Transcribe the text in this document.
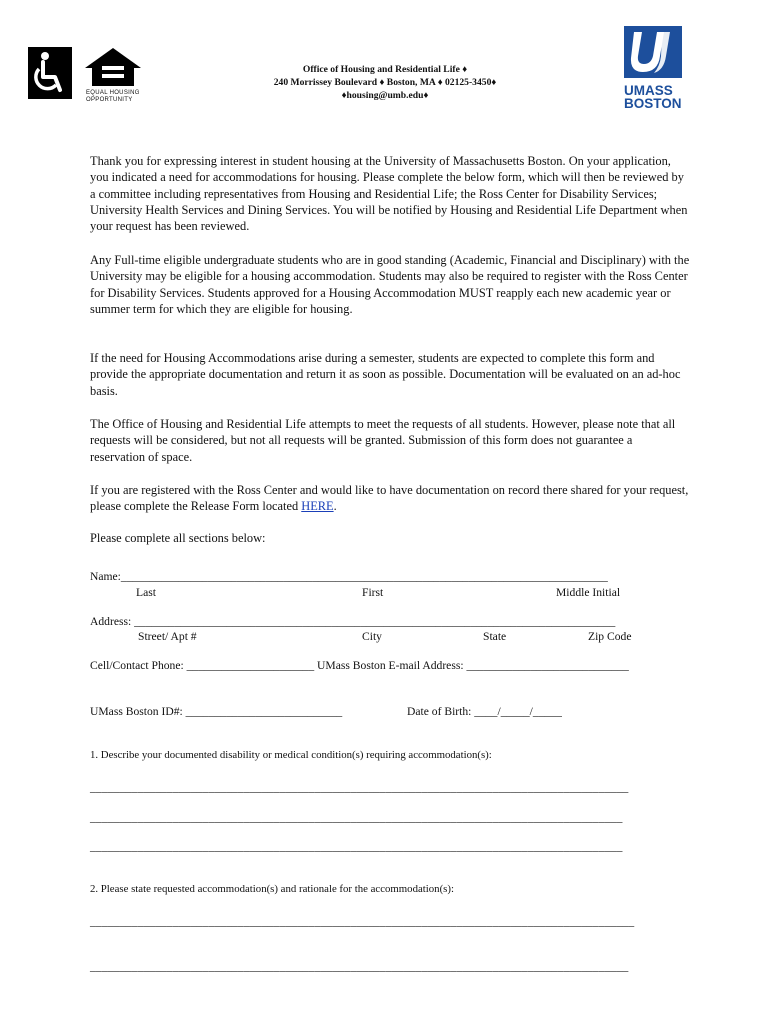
EQUAL HOUSING
OPPORTUNITY
Office of Housing and Residential Life ♦
240 Morrissey Boulevard ♦ Boston, MA ♦ 02125-3450♦
♦housing@umb.edu♦	UMASS
BOSTON
Thank you for expressing interest in student housing at the University of Massachusetts Boston. On your application, you indicated a need for accommodations for housing. Please complete the below form, which will then be reviewed by a committee including representatives from Housing and Residential Life; the Ross Center for Disability Services; University Health Services and Dining Services. You will be notified by Housing and Residential Life Department when your request has been reviewed.
Any Full-time eligible undergraduate students who are in good standing (Academic, Financial and Disciplinary) with the University may be eligible for a housing accommodation. Students may also be required to register with the Ross Center for Disability Services. Students approved for a Housing Accommodation MUST reapply each new academic year or summer term for which they are eligible for housing.
If the need for Housing Accommodations arise during a semester, students are expected to complete this form and provide the appropriate documentation and return it as soon as possible. Documentation will be evaluated on an ad-hoc basis.
The Office of Housing and Residential Life attempts to meet the requests of all students. However, please note that all requests will be considered, but not all requests will be granted. Submission of this form does not guarantee a reservation of space.
If you are registered with the Ross Center and would like to have documentation on record there shared for your request, please complete the Release Form located HERE.
Please complete all sections below:
Name:____________________________________________________________________________________
Last	First	Middle Initial
Address: ___________________________________________________________________________________
Street/ Apt #	City	State	Zip Code
Cell/Contact Phone: ______________________ UMass Boston E-mail Address: ____________________________
UMass Boston ID#: ___________________________	Date of Birth: ____/_____/_____
1. Describe your documented disability or medical condition(s) requiring accommodation(s):
___________________________________________________________________________________________
__________________________________________________________________________________________
__________________________________________________________________________________________
2. Please state requested accommodation(s) and rationale for the accommodation(s):
____________________________________________________________________________________________
___________________________________________________________________________________________
